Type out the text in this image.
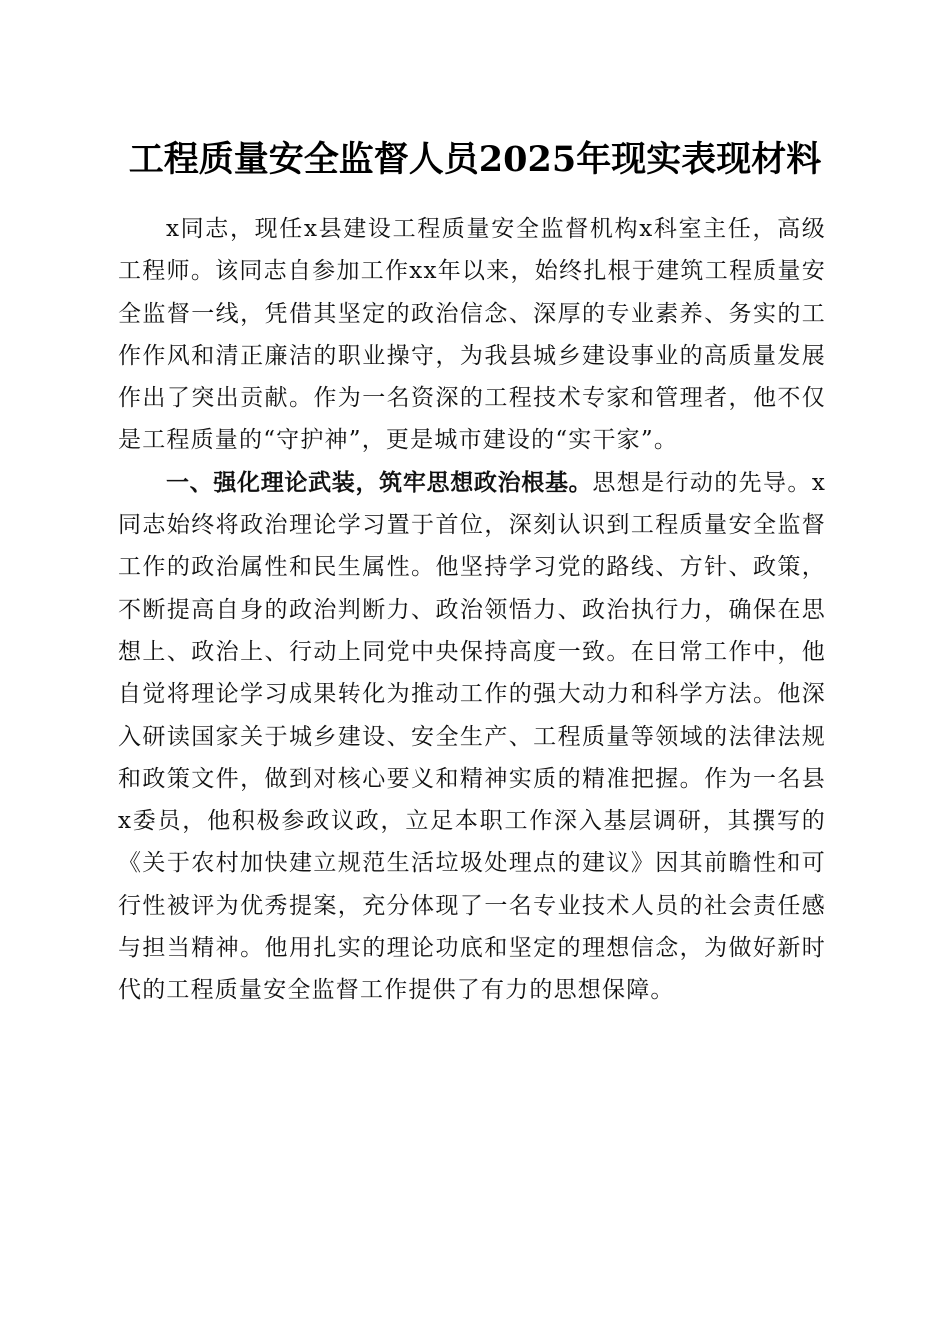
工程质量安全监督人员2025年现实表现材料

x同志，现任x县建设工程质量安全监督机构x科室主任，高级工程师。该同志自参加工作xx年以来，始终扎根于建筑工程质量安全监督一线，凭借其坚定的政治信念、深厚的专业素养、务实的工作作风和清正廉洁的职业操守，为我县城乡建设事业的高质量发展作出了突出贡献。作为一名资深的工程技术专家和管理者，他不仅是工程质量的“守护神”，更是城市建设的“实干家”。

一、强化理论武装，筑牢思想政治根基。思想是行动的先导。x同志始终将政治理论学习置于首位，深刻认识到工程质量安全监督工作的政治属性和民生属性。他坚持学习党的路线、方针、政策，不断提高自身的政治判断力、政治领悟力、政治执行力，确保在思想上、政治上、行动上同党中央保持高度一致。在日常工作中，他自觉将理论学习成果转化为推动工作的强大动力和科学方法。他深入研读国家关于城乡建设、安全生产、工程质量等领域的法律法规和政策文件，做到对核心要义和精神实质的精准把握。作为一名县x委员，他积极参政议政，立足本职工作深入基层调研，其撰写的《关于农村加快建立规范生活垃圾处理点的建议》因其前瞻性和可行性被评为优秀提案，充分体现了一名专业技术人员的社会责任感与担当精神。他用扎实的理论功底和坚定的理想信念，为做好新时代的工程质量安全监督工作提供了有力的思想保障。
